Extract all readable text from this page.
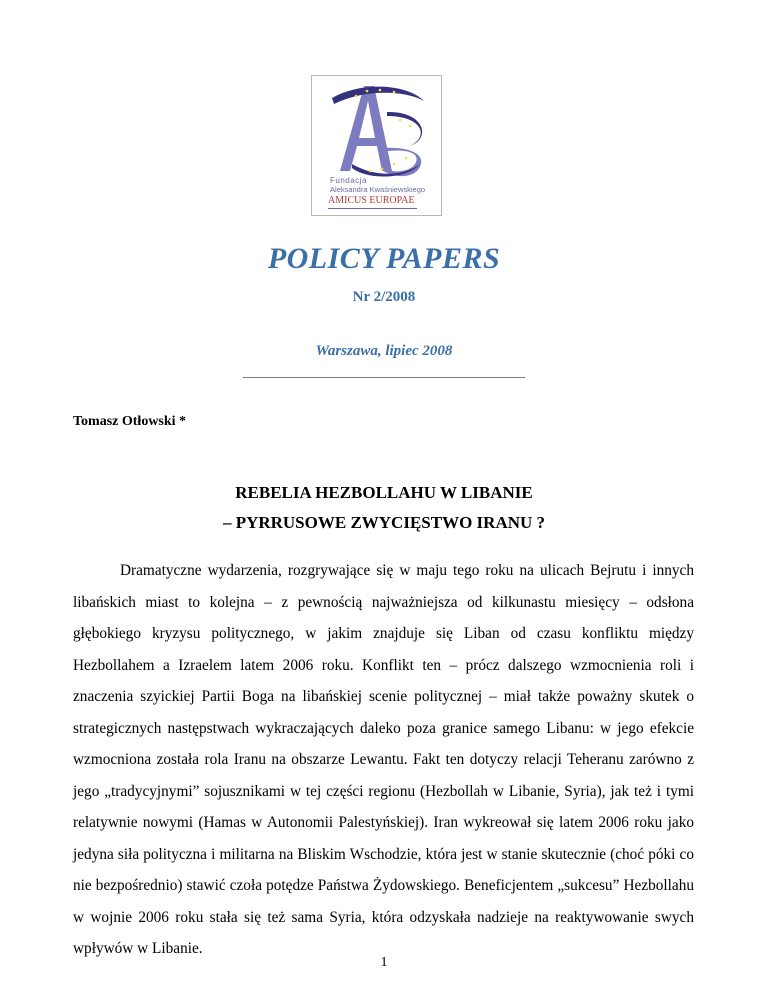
Fundacja
Aleksandra Kwaśniewskiego
AMICUS EUROPAE
POLICY PAPERS
Nr 2/2008
Warszawa, lipiec 2008
Tomasz Otłowski *
REBELIA HEZBOLLAHU W LIBANIE
– PYRRUSOWE ZWYCIĘSTWO IRANU ?

Dramatyczne wydarzenia, rozgrywające się w maju tego roku na ulicach Bejrutu i innych libańskich miast to kolejna – z pewnością najważniejsza od kilkunastu miesięcy – odsłona głębokiego kryzysu politycznego, w jakim znajduje się Liban od czasu konfliktu między Hezbollahem a Izraelem latem 2006 roku. Konflikt ten – prócz dalszego wzmocnienia roli i znaczenia szyickiej Partii Boga na libańskiej scenie politycznej – miał także poważny skutek o strategicznych następstwach wykraczających daleko poza granice samego Libanu: w jego efekcie wzmocniona została rola Iranu na obszarze Lewantu. Fakt ten dotyczy relacji Teheranu zarówno z jego „tradycyjnymi” sojusznikami w tej części regionu (Hezbollah w Libanie, Syria), jak też i tymi relatywnie nowymi (Hamas w Autonomii Palestyńskiej). Iran wykreował się latem 2006 roku jako jedyna siła polityczna i militarna na Bliskim Wschodzie, która jest w stanie skutecznie (choć póki co nie bezpośrednio) stawić czoła potędze Państwa Żydowskiego. Beneficjentem „sukcesu” Hezbollahu w wojnie 2006 roku stała się też sama Syria, która odzyskała nadzieje na reaktywowanie swych wpływów w Libanie.

1
